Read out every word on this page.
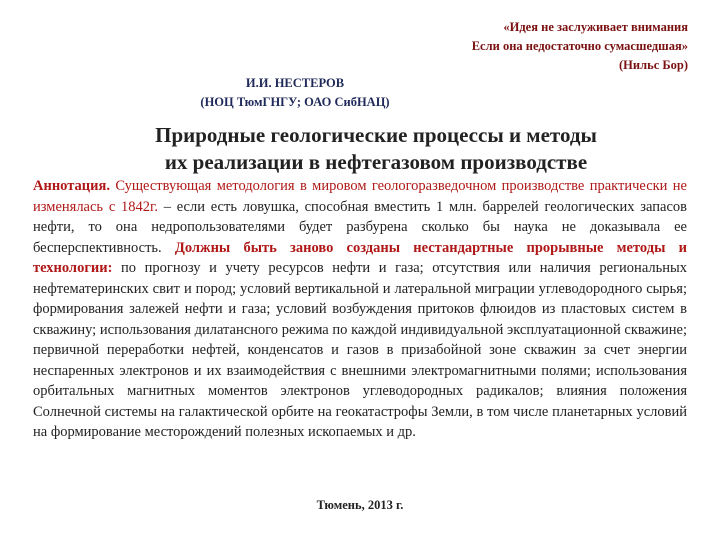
«Идея не заслуживает внимания
Если она недостаточно сумасшедшая»
(Нильс Бор)
И.И. НЕСТЕРОВ
(НОЦ ТюмГНГУ; ОАО СибНАЦ)
Природные геологические процессы и методы
их реализации в нефтегазовом производстве
Аннотация. Существующая методология в мировом геологоразведочном производстве практически не изменялась с 1842г. – если есть ловушка, способная вместить 1 млн. баррелей геологических запасов нефти, то она недропользователями будет разбурена сколько бы наука не доказывала ее бесперспективность. Должны быть заново созданы нестандартные прорывные методы и технологии: по прогнозу и учету ресурсов нефти и газа; отсутствия или наличия региональных нефтематеринских свит и пород; условий вертикальной и латеральной миграции углеводородного сырья; формирования залежей нефти и газа; условий возбуждения притоков флюидов из пластовых систем в скважину; использования дилатансного режима по каждой индивидуальной эксплуатационной скважине; первичной переработки нефтей, конденсатов и газов в призабойной зоне скважин за счет энергии неспаренных электронов и их взаимодействия с внешними электромагнитными полями; использования орбитальных магнитных моментов электронов углеводородных радикалов; влияния положения Солнечной системы на галактической орбите на геокатастрофы Земли, в том числе планетарных условий на формирование месторождений полезных ископаемых и др.
Тюмень, 2013 г.
